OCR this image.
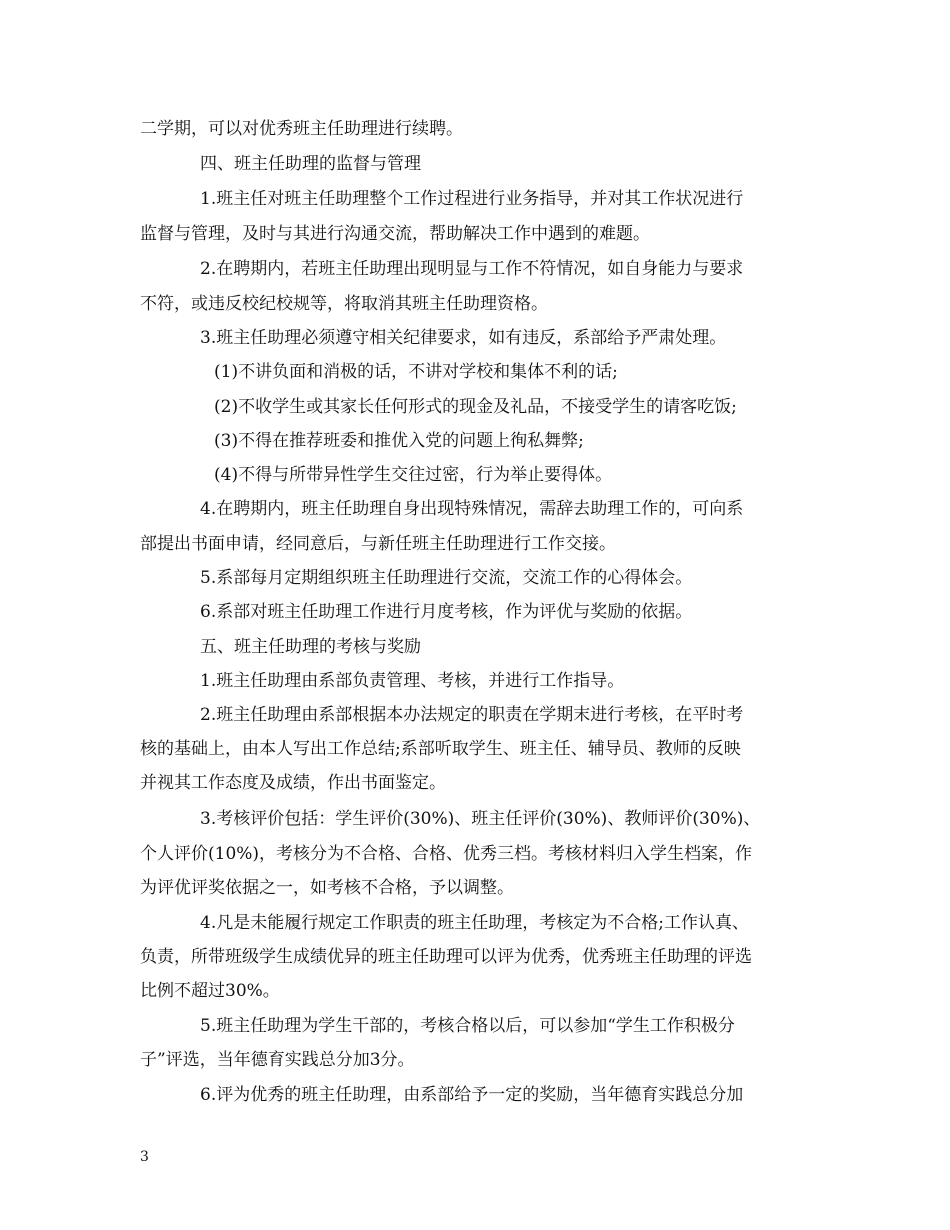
二学期，可以对优秀班主任助理进行续聘。
四、班主任助理的监督与管理
1.班主任对班主任助理整个工作过程进行业务指导，并对其工作状况进行
监督与管理，及时与其进行沟通交流，帮助解决工作中遇到的难题。
2.在聘期内，若班主任助理出现明显与工作不符情况，如自身能力与要求
不符，或违反校纪校规等，将取消其班主任助理资格。
3.班主任助理必须遵守相关纪律要求，如有违反，系部给予严肃处理。
(1)不讲负面和消极的话，不讲对学校和集体不利的话;
(2)不收学生或其家长任何形式的现金及礼品，不接受学生的请客吃饭;
(3)不得在推荐班委和推优入党的问题上徇私舞弊;
(4)不得与所带异性学生交往过密，行为举止要得体。
4.在聘期内，班主任助理自身出现特殊情况，需辞去助理工作的，可向系
部提出书面申请，经同意后，与新任班主任助理进行工作交接。
5.系部每月定期组织班主任助理进行交流，交流工作的心得体会。
6.系部对班主任助理工作进行月度考核，作为评优与奖励的依据。
五、班主任助理的考核与奖励
1.班主任助理由系部负责管理、考核，并进行工作指导。
2.班主任助理由系部根据本办法规定的职责在学期末进行考核，在平时考
核的基础上，由本人写出工作总结;系部听取学生、班主任、辅导员、教师的反映
并视其工作态度及成绩，作出书面鉴定。
3.考核评价包括：学生评价(30%)、班主任评价(30%)、教师评价(30%)、
个人评价(10%)，考核分为不合格、合格、优秀三档。考核材料归入学生档案，作
为评优评奖依据之一，如考核不合格，予以调整。
4.凡是未能履行规定工作职责的班主任助理，考核定为不合格;工作认真、
负责，所带班级学生成绩优异的班主任助理可以评为优秀，优秀班主任助理的评选
比例不超过30%。
5.班主任助理为学生干部的，考核合格以后，可以参加“学生工作积极分
子”评选，当年德育实践总分加3分。
6.评为优秀的班主任助理，由系部给予一定的奖励，当年德育实践总分加
3
